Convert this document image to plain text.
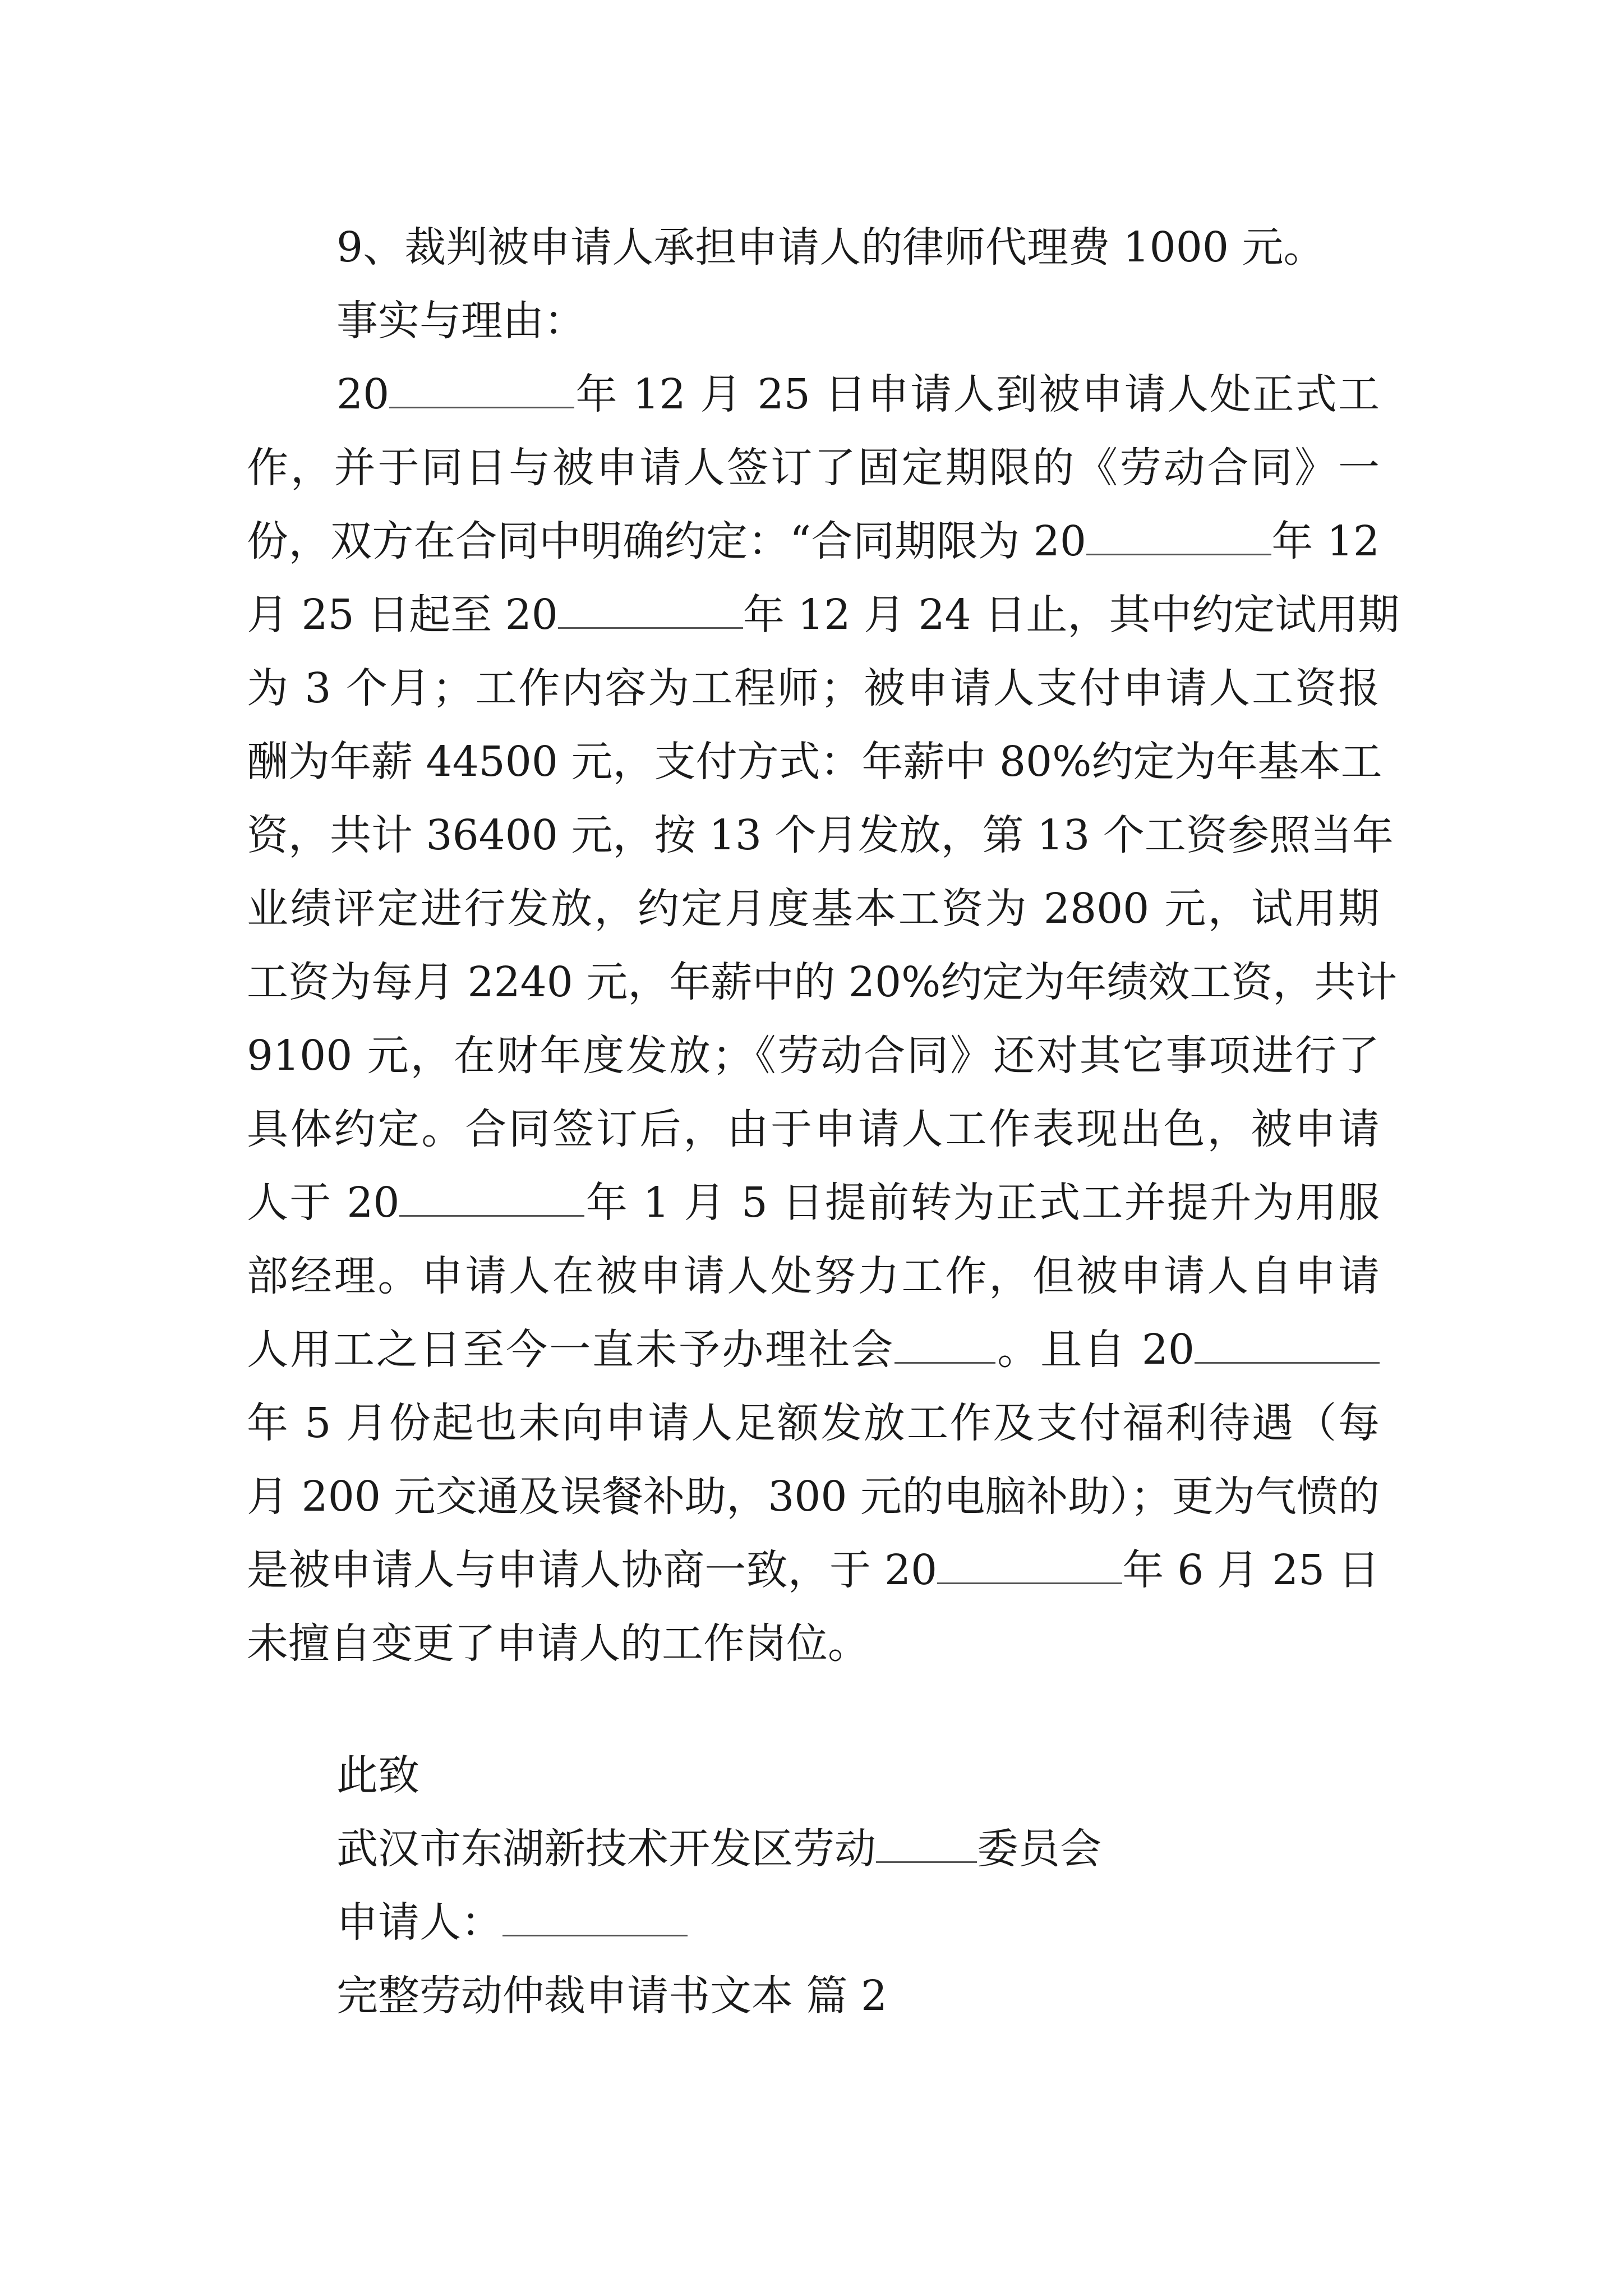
9、裁判被申请人承担申请人的律师代理费 1000 元。
事实与理由：
20	年 12 月 25 日申请人到被申请人处正式工
作，并于同日与被申请人签订了固定期限的《劳动合同》一
份，双方在合同中明确约定：“合同期限为 20	年 12
月 25 日起至 20	年 12 月 24 日止，其中约定试用期
为 3 个月；工作内容为工程师；被申请人支付申请人工资报
酬为年薪 44500 元，支付方式：年薪中 80%约定为年基本工
资，共计 36400 元，按 13 个月发放，第 13 个工资参照当年
业绩评定进行发放，约定月度基本工资为 2800 元，试用期
工资为每月 2240 元，年薪中的 20%约定为年绩效工资，共计
9100 元，在财年度发放；《劳动合同》还对其它事项进行了
具体约定。合同签订后，由于申请人工作表现出色，被申请
人于 20	年 1 月 5 日提前转为正式工并提升为用服
部经理。申请人在被申请人处努力工作，但被申请人自申请
人用工之日至今一直未予办理社会 。且自 20
年 5 月份起也未向申请人足额发放工作及支付福利待遇（每
月 200 元交通及误餐补助，300 元的电脑补助）；更为气愤的
是被申请人与申请人协商一致，于 20	年 6 月 25 日
未擅自变更了申请人的工作岗位。
此致
武汉市东湖新技术开发区劳动 委员会
申请人：
完整劳动仲裁申请书文本 篇 2
